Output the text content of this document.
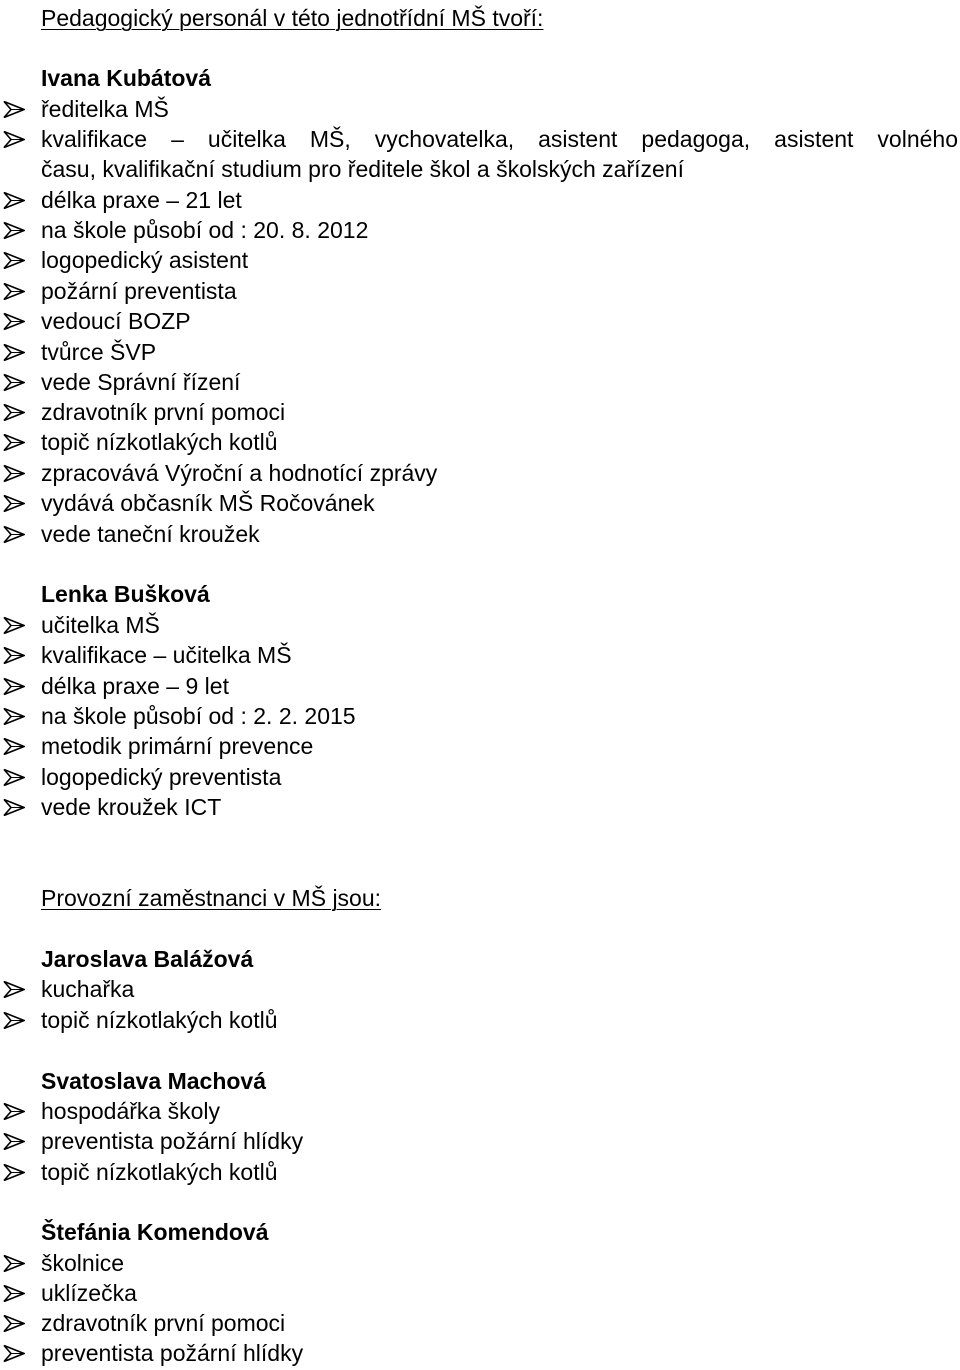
Pedagogický personál v této jednotřídní MŠ tvoří:
Ivana Kubátová
ředitelka MŠ
kvalifikace – učitelka MŠ, vychovatelka, asistent pedagoga, asistent volného
času, kvalifikační studium pro ředitele škol a školských zařízení
délka praxe – 21 let
na škole působí od : 20. 8. 2012
logopedický asistent
požární preventista
vedoucí BOZP
tvůrce ŠVP
vede Správní řízení
zdravotník první pomoci
topič nízkotlakých kotlů
zpracovává Výroční a hodnotící zprávy
vydává občasník MŠ Ročovánek
vede taneční kroužek
Lenka Bušková
učitelka MŠ
kvalifikace – učitelka MŠ
délka praxe – 9 let
na škole působí od : 2. 2. 2015
metodik primární prevence
logopedický preventista
vede kroužek ICT
Provozní zaměstnanci v MŠ jsou:
Jaroslava Balážová
kuchařka
topič nízkotlakých kotlů
Svatoslava Machová
hospodářka školy
preventista požární hlídky
topič nízkotlakých kotlů
Štefánia Komendová
školnice
uklízečka
zdravotník první pomoci
preventista požární hlídky
